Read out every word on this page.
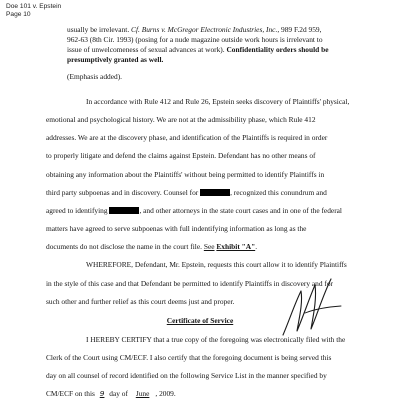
Doe 101 v. Epstein
Page 10
usually be irrelevant. Cf. Burns v. McGregor Electronic Industries, Inc., 989 F.2d 959,
962-63 (8th Cir. 1993) (posing for a nude magazine outside work hours is irrelevant to
issue of unwelcomeness of sexual advances at work). Confidentiality orders should be
presumptively granted as well.
(Emphasis added).
In accordance with Rule 412 and Rule 26, Epstein seeks discovery of Plaintiffs' physical,
emotional and psychological history. We are not at the admissibility phase, which Rule 412
addresses. We are at the discovery phase, and identification of the Plaintiffs is required in order
to properly litigate and defend the claims against Epstein. Defendant has no other means of
obtaining any information about the Plaintiffs' without being permitted to identify Plaintiffs in
third party subpoenas and in discovery. Counsel for	, recognized this conundrum and
agreed to identifying	, and other attorneys in the state court cases and in one of the federal
matters have agreed to serve subpoenas with full indentifying information as long as the
documents do not disclose the name in the court file. See Exhibit "A".
WHEREFORE, Defendant, Mr. Epstein, requests this court allow it to identify Plaintiffs
in the style of this case and that Defendant be permitted to identify Plaintiffs in discovery and for
such other and further relief as this court deems just and proper.
Certificate of Service
I HEREBY CERTIFY that a true copy of the foregoing was electronically filed with the
Clerk of the Court using CM/ECF. I also certify that the foregoing document is being served this
day on all counsel of record identified on the following Service List in the manner specified by
CM/ECF on this 9 day of June , 2009.
